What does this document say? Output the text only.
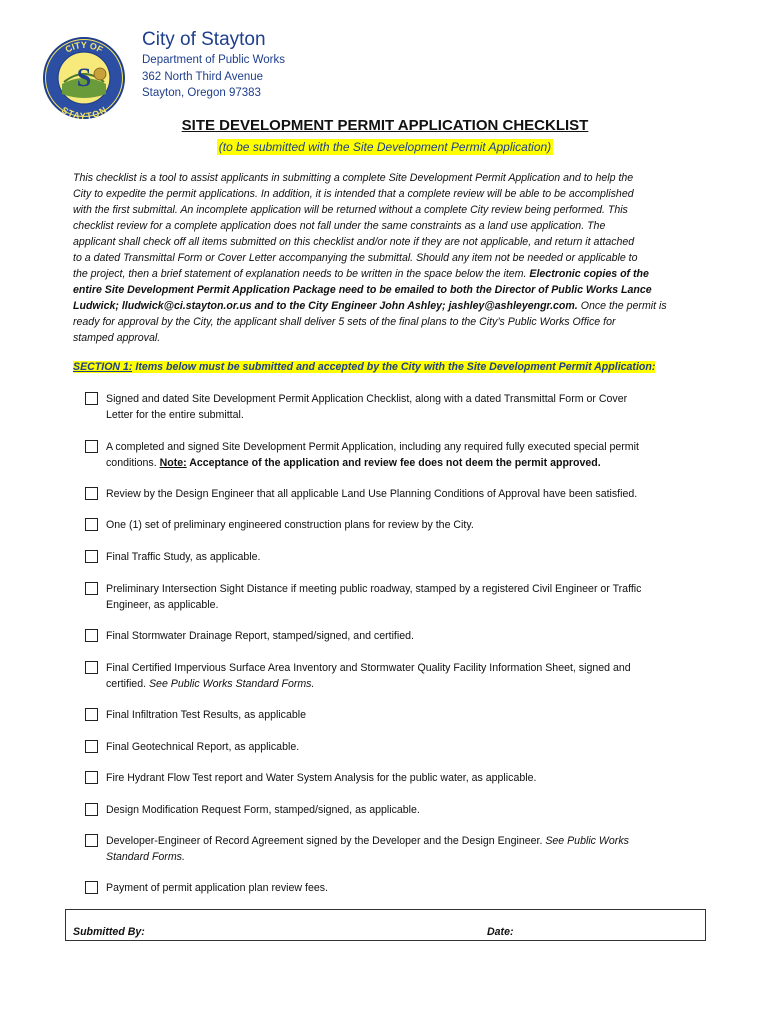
S
CITY OF
STAYTON
City of Stayton
Department of Public Works
362 North Third Avenue
Stayton, Oregon 97383
SITE DEVELOPMENT PERMIT APPLICATION CHECKLIST
(to be submitted with the Site Development Permit Application)
This checklist is a tool to assist applicants in submitting a complete Site Development Permit Application and to help the
City to expedite the permit applications. In addition, it is intended that a complete review will be able to be accomplished
with the first submittal. An incomplete application will be returned without a complete City review being performed. This
checklist review for a complete application does not fall under the same constraints as a land use application. The
applicant shall check off all items submitted on this checklist and/or note if they are not applicable, and return it attached
to a dated Transmittal Form or Cover Letter accompanying the submittal. Should any item not be needed or applicable to
the project, then a brief statement of explanation needs to be written in the space below the item. Electronic copies of the
entire Site Development Permit Application Package need to be emailed to both the Director of Public Works Lance
Ludwick; lludwick@ci.stayton.or.us and to the City Engineer John Ashley; jashley@ashleyengr.com. Once the permit is
ready for approval by the City, the applicant shall deliver 5 sets of the final plans to the City’s Public Works Office for
stamped approval.
SECTION 1: Items below must be submitted and accepted by the City with the Site Development Permit Application:
Signed and dated Site Development Permit Application Checklist, along with a dated Transmittal Form or Cover
Letter for the entire submittal.
A completed and signed Site Development Permit Application, including any required fully executed special permit
conditions. Note: Acceptance of the application and review fee does not deem the permit approved.
Review by the Design Engineer that all applicable Land Use Planning Conditions of Approval have been satisfied.
One (1) set of preliminary engineered construction plans for review by the City.
Final Traffic Study, as applicable.
Preliminary Intersection Sight Distance if meeting public roadway, stamped by a registered Civil Engineer or Traffic
Engineer, as applicable.
Final Stormwater Drainage Report, stamped/signed, and certified.
Final Certified Impervious Surface Area Inventory and Stormwater Quality Facility Information Sheet, signed and
certified. See Public Works Standard Forms.
Final Infiltration Test Results, as applicable
Final Geotechnical Report, as applicable.
Fire Hydrant Flow Test report and Water System Analysis for the public water, as applicable.
Design Modification Request Form, stamped/signed, as applicable.
Developer-Engineer of Record Agreement signed by the Developer and the Design Engineer. See Public Works
Standard Forms.
Payment of permit application plan review fees.
Submitted By:	Date:
